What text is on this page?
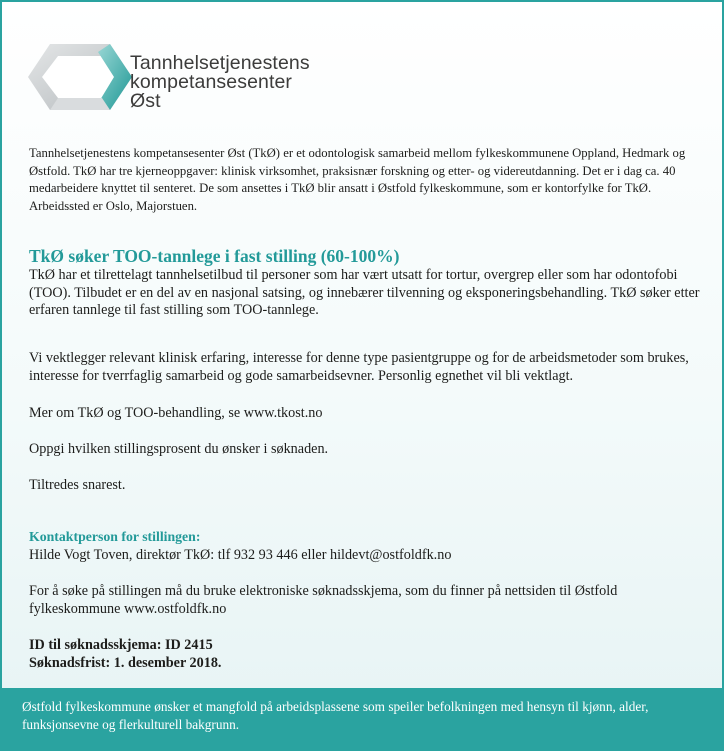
Tannhelsetjenestens
kompetansesenter
Øst

Tannhelsetjenestens kompetansesenter Øst (TkØ) er et odontologisk samarbeid mellom fylkeskommunene Oppland, Hedmark og Østfold. TkØ har tre kjerneoppgaver: klinisk virksomhet, praksisnær forskning og etter- og videreutdanning. Det er i dag ca. 40 medarbeidere knyttet til senteret. De som ansettes i TkØ blir ansatt i Østfold fylkeskommune, som er kontorfylke for TkØ. Arbeidssted er Oslo, Majorstuen.

TkØ søker TOO-tannlege i fast stilling (60-100%)

TkØ har et tilrettelagt tannhelsetilbud til personer som har vært utsatt for tortur, overgrep eller som har odontofobi (TOO). Tilbudet er en del av en nasjonal satsing, og innebærer tilvenning og eksponeringsbehandling. TkØ søker etter erfaren tannlege til fast stilling som TOO-tannlege.

Vi vektlegger relevant klinisk erfaring, interesse for denne type pasientgruppe og for de arbeidsmetoder som brukes, interesse for tverrfaglig samarbeid og gode samarbeidsevner. Personlig egnethet vil bli vektlagt.

Mer om TkØ og TOO-behandling, se www.tkost.no

Oppgi hvilken stillingsprosent du ønsker i søknaden.

Tiltredes snarest.

Kontaktperson for stillingen:

Hilde Vogt Toven, direktør TkØ: tlf 932 93 446 eller hildevt@ostfoldfk.no

For å søke på stillingen må du bruke elektroniske søknadsskjema, som du finner på nettsiden til Østfold fylkeskommune www.ostfoldfk.no

ID til søknadsskjema: ID 2415

Søknadsfrist: 1. desember 2018.

Østfold fylkeskommune ønsker et mangfold på arbeidsplassene som speiler befolkningen med hensyn til kjønn, alder, funksjonsevne og flerkulturell bakgrunn.
